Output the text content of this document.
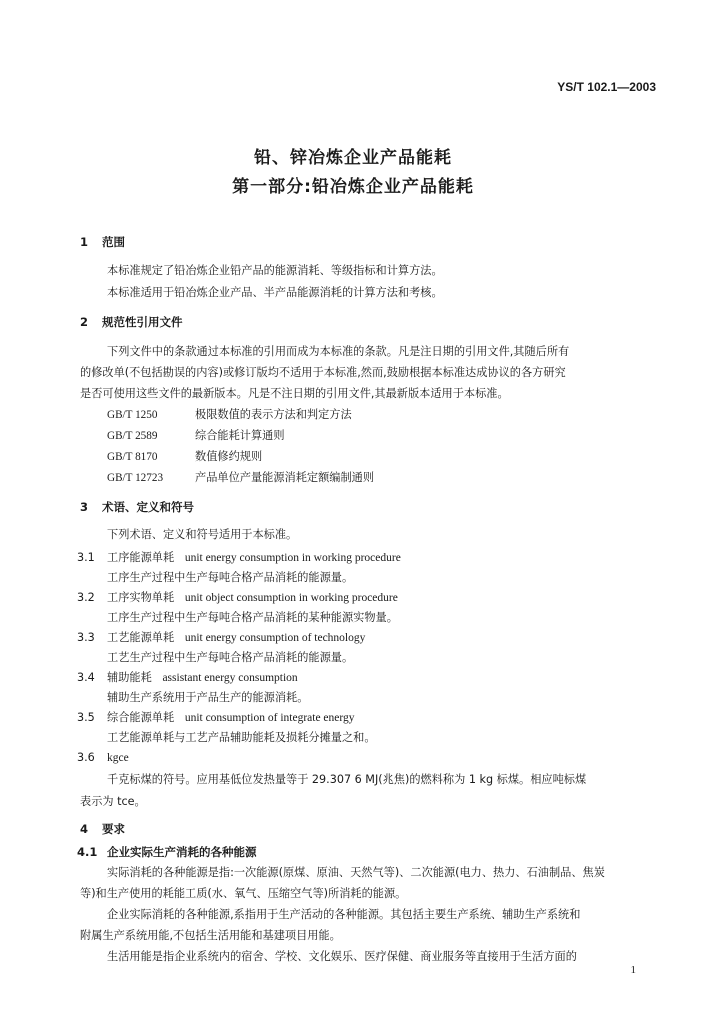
YS/T 102.1—2003
铅、锌冶炼企业产品能耗
第一部分:铅冶炼企业产品能耗
1 范围
本标准规定了铅冶炼企业铅产品的能源消耗、等级指标和计算方法。
本标准适用于铅冶炼企业产品、半产品能源消耗的计算方法和考核。
2 规范性引用文件
下列文件中的条款通过本标准的引用而成为本标准的条款。凡是注日期的引用文件,其随后所有
的修改单(不包括勘误的内容)或修订版均不适用于本标准,然而,鼓励根据本标准达成协议的各方研究
是否可使用这些文件的最新版本。凡是不注日期的引用文件,其最新版本适用于本标准。
GB/T 1250	极限数值的表示方法和判定方法
GB/T 2589	综合能耗计算通则
GB/T 8170	数值修约规则
GB/T 12723	产品单位产量能源消耗定额编制通则
3 术语、定义和符号
下列术语、定义和符号适用于本标准。
3.1 工序能源单耗 unit energy consumption in working procedure
工序生产过程中生产每吨合格产品消耗的能源量。
3.2 工序实物单耗 unit object consumption in working procedure
工序生产过程中生产每吨合格产品消耗的某种能源实物量。
3.3 工艺能源单耗 unit energy consumption of technology
工艺生产过程中生产每吨合格产品消耗的能源量。
3.4 辅助能耗 assistant energy consumption
辅助生产系统用于产品生产的能源消耗。
3.5 综合能源单耗 unit consumption of integrate energy
工艺能源单耗与工艺产品辅助能耗及损耗分摊量之和。
3.6 kgce
千克标煤的符号。应用基低位发热量等于 29.307 6 MJ(兆焦)的燃料称为 1 kg 标煤。相应吨标煤
表示为 tce。
4 要求
4.1 企业实际生产消耗的各种能源
实际消耗的各种能源是指:一次能源(原煤、原油、天然气等)、二次能源(电力、热力、石油制品、焦炭
等)和生产使用的耗能工质(水、氧气、压缩空气等)所消耗的能源。
企业实际消耗的各种能源,系指用于生产活动的各种能源。其包括主要生产系统、辅助生产系统和
附属生产系统用能,不包括生活用能和基建项目用能。
生活用能是指企业系统内的宿舍、学校、文化娱乐、医疗保健、商业服务等直接用于生活方面的
1
